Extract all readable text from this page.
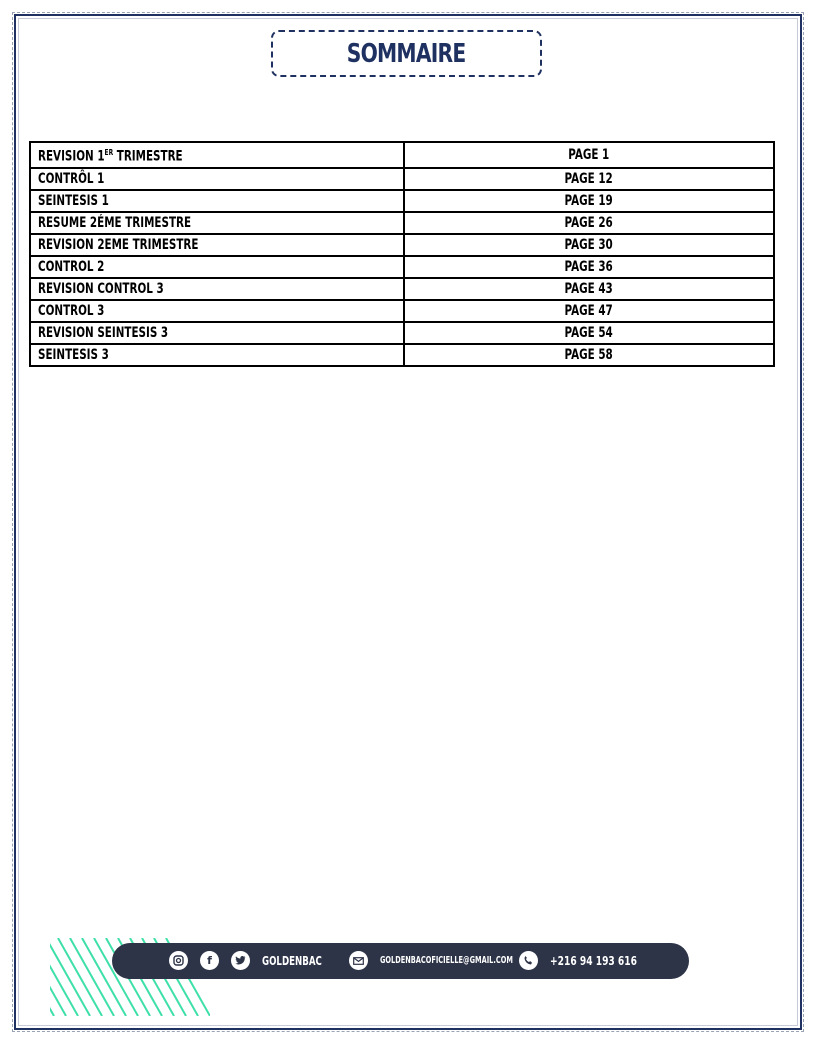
SOMMAIRE
REVISION 1ER TRIMESTRE	PAGE 1
CONTRÔL 1	PAGE 12
SEINTESIS 1	PAGE 19
RESUME 2ÉME TRIMESTRE	PAGE 26
REVISION 2EME TRIMESTRE	PAGE 30
CONTROL 2	PAGE 36
REVISION CONTROL 3	PAGE 43
CONTROL 3	PAGE 47
REVISION SEINTESIS 3	PAGE 54
SEINTESIS 3	PAGE 58
f	GOLDENBAC	GOLDENBACOFICIELLE@GMAIL.COM	+216 94 193 616
